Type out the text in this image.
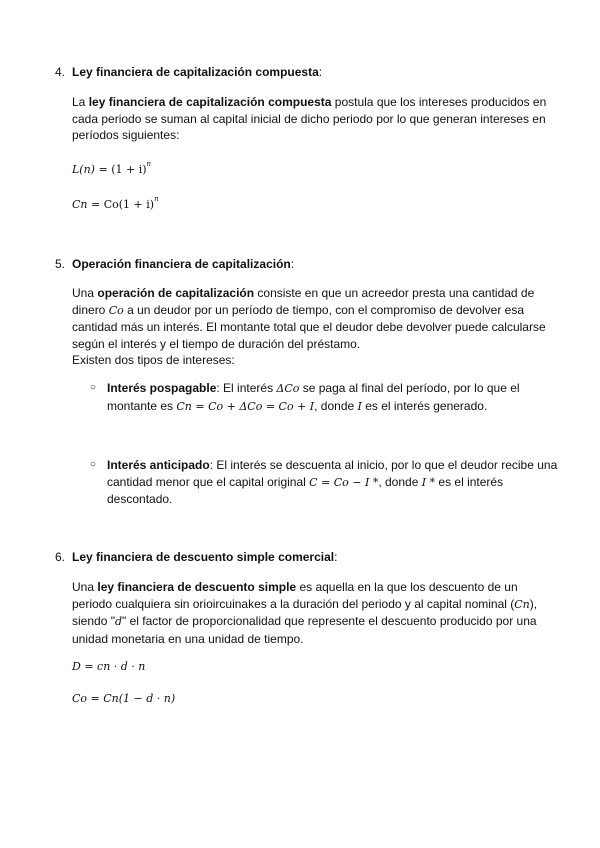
4. Ley financiera de capitalización compuesta:
La ley financiera de capitalización compuesta postula que los intereses producidos en cada periodo se suman al capital inicial de dicho periodo por lo que generan intereses en períodos siguientes:
$L(n) = (1 + i)^n$
$Cn = Co(1 + i)^n$
5. Operación financiera de capitalización:
Una operación de capitalización consiste en que un acreedor presta una cantidad de dinero Co a un deudor por un período de tiempo, con el compromiso de devolver esa cantidad más un interés. El montante total que el deudor debe devolver puede calcularse según el interés y el tiempo de duración del préstamo.
Existen dos tipos de intereses:
○ Interés pospagable: El interés ΔCo se paga al final del período, por lo que el montante es Cn = Co + ΔCo = Co + I, donde I es el interés generado.
○ Interés anticipado: El interés se descuenta al inicio, por lo que el deudor recibe una cantidad menor que el capital original C = Co − I *, donde I * es el interés descontado.
6. Ley financiera de descuento simple comercial:
Una ley financiera de descuento simple es aquella en la que los descuento de un periodo cualquiera sin orioircuinakes a la duración del periodo y al capital nominal (Cn), siendo "d" el factor de proporcionalidad que represente el descuento producido por una unidad monetaria en una unidad de tiempo.
D = cn · d · n
Co = Cn(1 − d · n)
